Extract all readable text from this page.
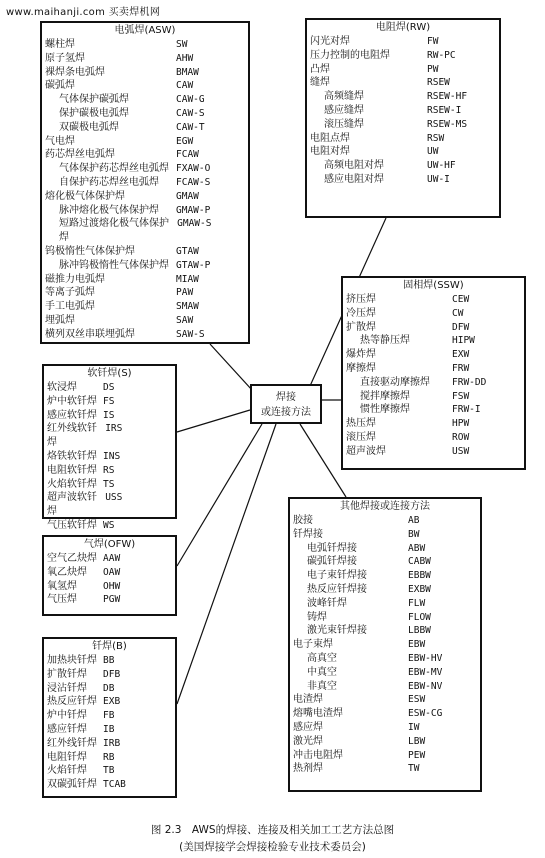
www.maihanji.com 买卖焊机网
电弧焊(ASW)
螺柱焊	SW
原子氢焊	AHW
裸焊条电弧焊	BMAW
碳弧焊	CAW
气体保护碳弧焊	CAW-G
保护碳极电弧焊	CAW-S
双碳极电弧焊	CAW-T
气电焊	EGW
药芯焊丝电弧焊	FCAW
气体保护药芯焊丝电弧焊 FXAW-O
自保护药芯焊丝电弧焊 FCAW-S
熔化极气体保护焊	GMAW
脉冲熔化极气体保护焊 GMAW-P
短路过渡熔化极气体保护焊
GMAW-S
钨极惰性气体保护焊	GTAW
脉冲钨极惰性气体保护焊 GTAW-P
磁推力电弧焊	MIAW
等离子弧焊	PAW
手工电弧焊	SMAW
埋弧焊	SAW
横列双丝串联埋弧焊	SAW-S
电阻焊(RW)
闪光对焊	FW
压力控制的电阻焊	RW-PC
凸焊	PW
缝焊	RSEW
高频缝焊	RSEW-HF
感应缝焊	RSEW-I
滚压缝焊	RSEW-MS
电阻点焊	RSW
电阻对焊	UW
高频电阻对焊	UW-HF
感应电阻对焊	UW-I
固相焊(SSW)
挤压焊	CEW
冷压焊	CW
扩散焊	DFW
热等静压焊	HIPW
爆炸焊	EXW
摩擦焊	FRW
直接驱动摩擦焊 FRW-DD
搅拌摩擦焊	FSW
惯性摩擦焊	FRW-I
热压焊	HPW
滚压焊	ROW
超声波焊	USW
软钎焊(S)
软浸焊	DS
炉中软钎焊 FS
感应软钎焊 IS
红外线软钎焊
IRS
烙铁软钎焊 INS
电阻软钎焊 RS
火焰软钎焊 TS
超声波软钎焊
USS
气压软钎焊 WS
气焊(OFW)
空气乙炔焊 AAW
氧乙炔焊 OAW
氧氢焊	OHW
气压焊	PGW
钎焊(B)
加热块钎焊 BB
扩散钎焊 DFB
浸沾钎焊 DB
热反应钎焊 EXB
炉中钎焊 FB
感应钎焊 IB
红外线钎焊 IRB
电阻钎焊 RB
火焰钎焊 TB
双碳弧钎焊 TCAB
其他焊接或连接方法
胶接	AB
钎焊接	BW
电弧钎焊接	ABW
碳弧钎焊接	CABW
电子束钎焊接	EBBW
热反应钎焊接	EXBW
波峰钎焊	FLW
铸焊	FLOW
激光束钎焊接	LBBW
电子束焊	EBW
高真空	EBW-HV
中真空	EBW-MV
非真空	EBW-NV
电渣焊	ESW
熔嘴电渣焊	ESW-CG
感应焊	IW
激光焊	LBW
冲击电阻焊	PEW
热剂焊	TW
焊接
或连接方法
图 2.3　AWS的焊接、连接及相关加工工艺方法总图
(美国焊接学会焊接检验专业技术委员会)
